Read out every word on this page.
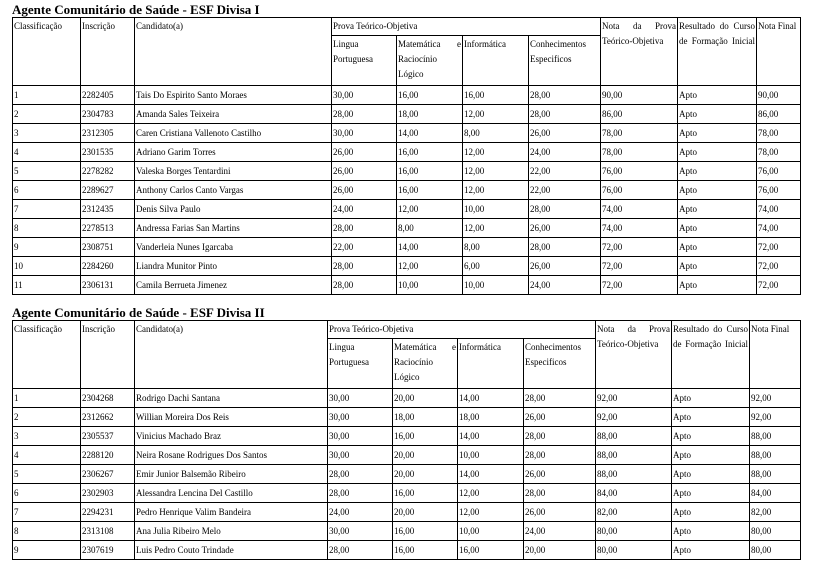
Agente Comunitário de Saúde - ESF Divisa I
Classificação	Inscrição	Candidato(a)	Prova Teórico-Objetiva				Nota da Prova Teórico-Objetiva	Resultado do Curso de Formação Inicial	Nota Final
			Lingua Portuguesa	Matemática e Raciocínio Lógico	Informática	Conhecimentos Especificos			
1	2282405	Tais Do Espirito Santo Moraes	30,00	16,00	16,00	28,00	90,00	Apto	90,00
2	2304783	Amanda Sales Teixeira	28,00	18,00	12,00	28,00	86,00	Apto	86,00
3	2312305	Caren Cristiana Vallenoto Castilho	30,00	14,00	8,00	26,00	78,00	Apto	78,00
4	2301535	Adriano Garim Torres	26,00	16,00	12,00	24,00	78,00	Apto	78,00
5	2278282	Valeska Borges Tentardini	26,00	16,00	12,00	22,00	76,00	Apto	76,00
6	2289627	Anthony Carlos Canto Vargas	26,00	16,00	12,00	22,00	76,00	Apto	76,00
7	2312435	Denis Silva Paulo	24,00	12,00	10,00	28,00	74,00	Apto	74,00
8	2278513	Andressa Farias San Martins	28,00	8,00	12,00	26,00	74,00	Apto	74,00
9	2308751	Vanderleia Nunes Igarcaba	22,00	14,00	8,00	28,00	72,00	Apto	72,00
10	2284260	Liandra Munitor Pinto	28,00	12,00	6,00	26,00	72,00	Apto	72,00
11	2306131	Camila Berrueta Jimenez	28,00	10,00	10,00	24,00	72,00	Apto	72,00
Agente Comunitário de Saúde - ESF Divisa II
Classificação	Inscrição	Candidato(a)	Prova Teórico-Objetiva				Nota da Prova Teórico-Objetiva	Resultado do Curso de Formação Inicial	Nota Final
			Lingua Portuguesa	Matemática e Raciocínio Lógico	Informática	Conhecimentos Especificos			
1	2304268	Rodrigo Dachi Santana	30,00	20,00	14,00	28,00	92,00	Apto	92,00
2	2312662	Willian Moreira Dos Reis	30,00	18,00	18,00	26,00	92,00	Apto	92,00
3	2305537	Vinicius Machado Braz	30,00	16,00	14,00	28,00	88,00	Apto	88,00
4	2288120	Neira Rosane Rodrigues Dos Santos	30,00	20,00	10,00	28,00	88,00	Apto	88,00
5	2306267	Emir Junior Balsemão Ribeiro	28,00	20,00	14,00	26,00	88,00	Apto	88,00
6	2302903	Alessandra Lencina Del Castillo	28,00	16,00	12,00	28,00	84,00	Apto	84,00
7	2294231	Pedro Henrique Valim Bandeira	24,00	20,00	12,00	26,00	82,00	Apto	82,00
8	2313108	Ana Julia Ribeiro Melo	30,00	16,00	10,00	24,00	80,00	Apto	80,00
9	2307619	Luis Pedro Couto Trindade	28,00	16,00	16,00	20,00	80,00	Apto	80,00
